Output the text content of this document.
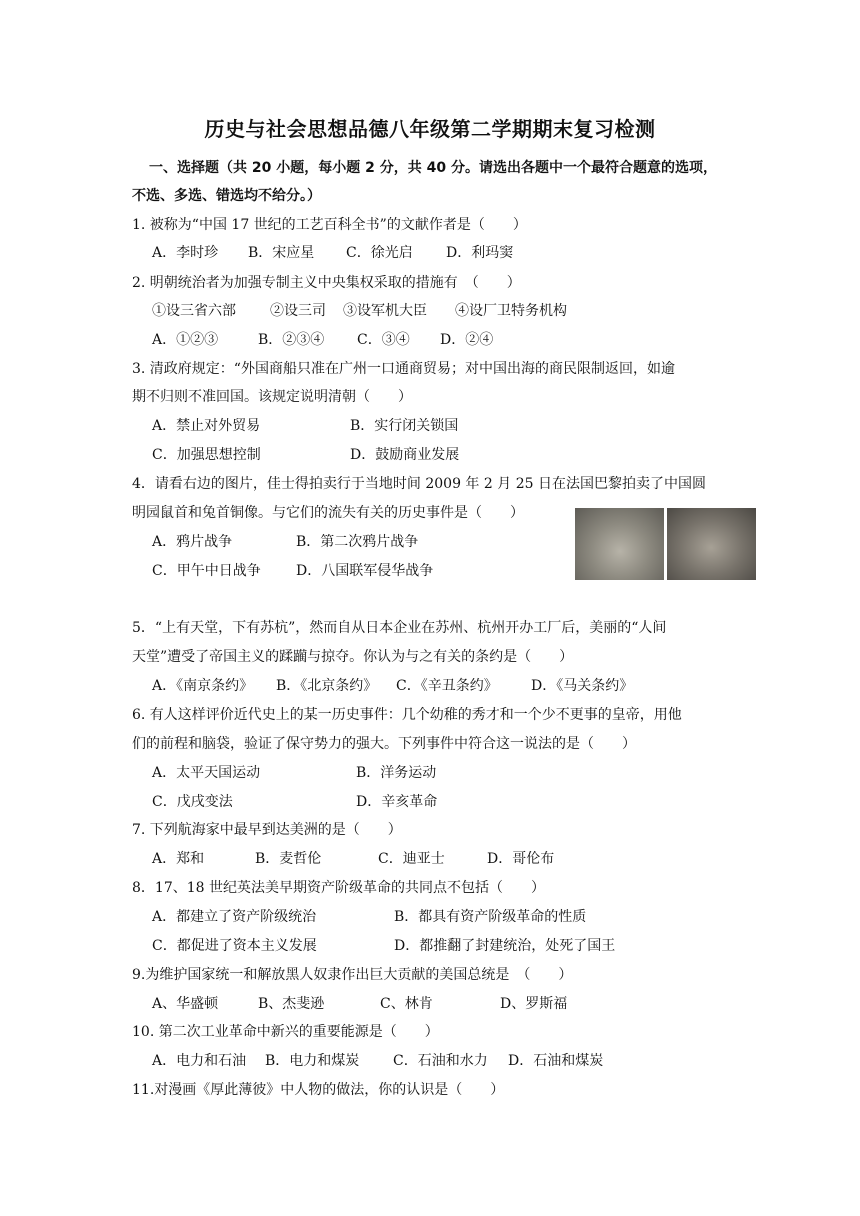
历史与社会思想品德八年级第二学期期末复习检测
一、选择题（共 20 小题，每小题 2 分，共 40 分。请选出各题中一个最符合题意的选项，
不选、多选、错选均不给分。）
1. 被称为“中国 17 世纪的工艺百科全书”的文献作者是（　　）
A．李时珍 B．宋应星 C．徐光启 D．利玛窦
2. 明朝统治者为加强专制主义中央集权采取的措施有　（　　）
①设三省六部 ②设三司 ③设军机大臣 ④设厂卫特务机构
A．①②③	B．②③④ C．③④ D．②④
3. 清政府规定：“外国商船只准在广州一口通商贸易；对中国出海的商民限制返回，如逾
期不归则不准回国。该规定说明清朝（　　）
A．禁止对外贸易	B．实行闭关锁国
C．加强思想控制	D．鼓励商业发展
4．请看右边的图片，佳士得拍卖行于当地时间 2009 年 2 月 25 日在法国巴黎拍卖了中国圆
明园鼠首和兔首铜像。与它们的流失有关的历史事件是（　　）
A．鸦片战争	B．第二次鸦片战争
C．甲午中日战争	D．八国联军侵华战争
5．“上有天堂，下有苏杭”，然而自从日本企业在苏州、杭州开办工厂后，美丽的“人间
天堂”遭受了帝国主义的蹂躏与掠夺。你认为与之有关的条约是（　　）
A．《南京条约》 B．《北京条约》 C．《辛丑条约》 D．《马关条约》
6. 有人这样评价近代史上的某一历史事件：几个幼稚的秀才和一个少不更事的皇帝，用他
们的前程和脑袋，验证了保守势力的强大。下列事件中符合这一说法的是（　　）
A．太平天国运动	B．洋务运动
C．戊戌变法	D．辛亥革命
7. 下列航海家中最早到达美洲的是（　　）
A．郑和	B．麦哲伦	C．迪亚士	D．哥伦布
8．17、18 世纪英法美早期资产阶级革命的共同点不包括（　　）
A．都建立了资产阶级统治	B．都具有资产阶级革命的性质
C．都促进了资本主义发展	D．都推翻了封建统治，处死了国王
9.为维护国家统一和解放黑人奴隶作出巨大贡献的美国总统是　（　　）
A、华盛顿	B、杰斐逊	C、林肯	D、罗斯福
10. 第二次工业革命中新兴的重要能源是（　　）
A．电力和石油 B．电力和煤炭 C．石油和水力 D．石油和煤炭
11.对漫画《厚此薄彼》中人物的做法，你的认识是（　　）
